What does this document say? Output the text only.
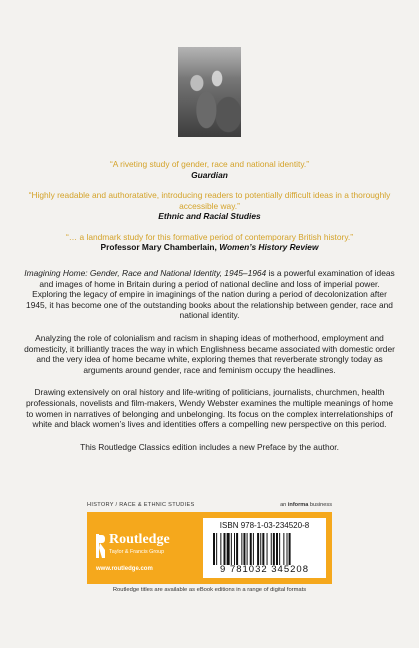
“A riveting study of gender, race and national identity.”
Guardian
“Highly readable and authoratative, introducing readers to potentially difficult ideas in a thoroughly accessible way.”
Ethnic and Racial Studies
“… a landmark study for this formative period of contemporary British history.”
Professor Mary Chamberlain, Women’s History Review

Imagining Home: Gender, Race and National Identity, 1945–1964 is a powerful examination of ideas and images of home in Britain during a period of national decline and loss of imperial power. Exploring the legacy of empire in imaginings of the nation during a period of decolonization after 1945, it has become one of the outstanding books about the relationship between gender, race and national identity.

Analyzing the role of colonialism and racism in shaping ideas of motherhood, employment and domesticity, it brilliantly traces the way in which Englishness became associated with domestic order and the very idea of home became white, exploring themes that reverberate strongly today as arguments around gender, race and feminism occupy the headlines.

Drawing extensively on oral history and life-writing of politicians, journalists, churchmen, health professionals, novelists and film-makers, Wendy Webster examines the multiple meanings of home to women in narratives of belonging and unbelonging. Its focus on the complex interrelationships of white and black women’s lives and identities offers a compelling new perspective on this period.

This Routledge Classics edition includes a new Preface by the author.

HISTORY / RACE & ETHNIC STUDIES	an informa business
Routledge
Taylor & Francis Group
www.routledge.com
ISBN 978-1-03-234520-8
9 781032 345208
Routledge titles are available as eBook editions in a range of digital formats
